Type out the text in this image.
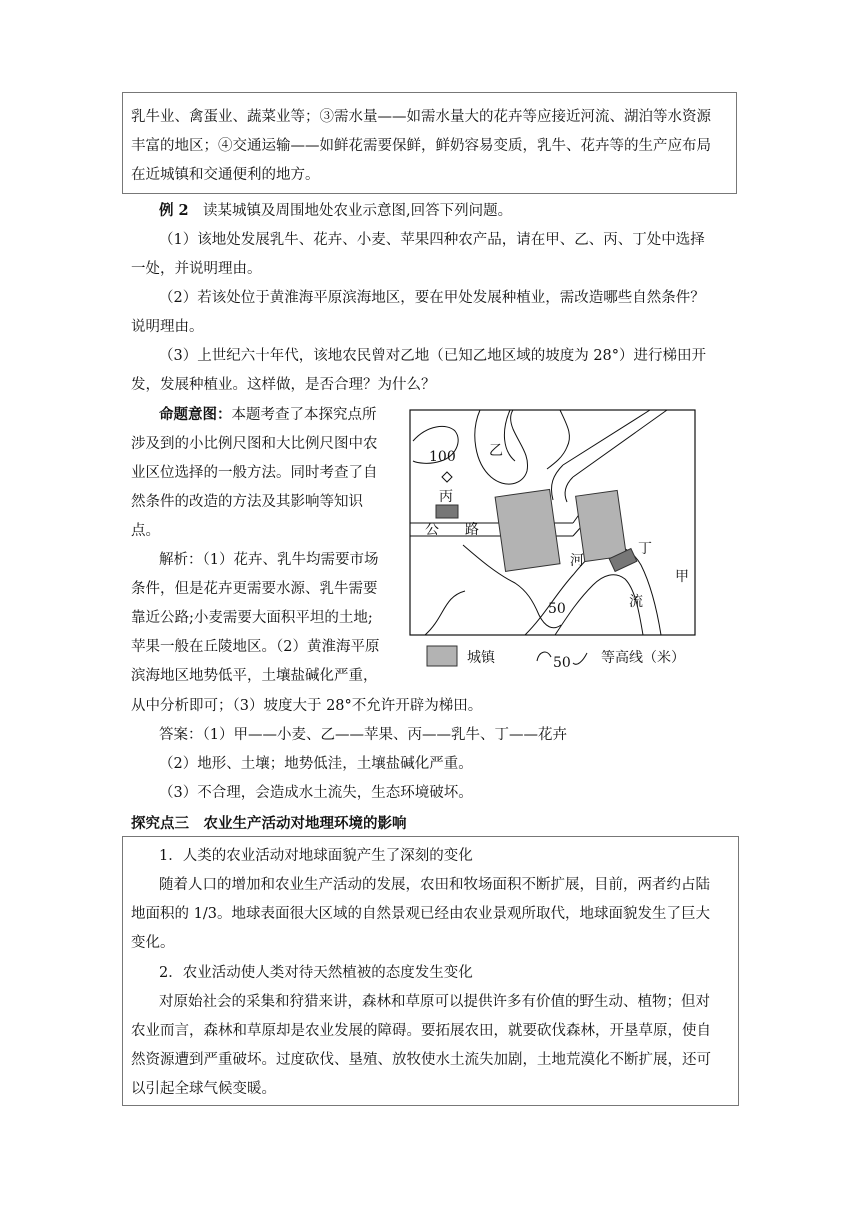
乳牛业、禽蛋业、蔬菜业等；③需水量——如需水量大的花卉等应接近河流、湖泊等水资源
丰富的地区；④交通运输——如鲜花需要保鲜，鲜奶容易变质，乳牛、花卉等的生产应布局
在近城镇和交通便利的地方。
例 2 读某城镇及周围地处农业示意图,回答下列问题。
（1）该地处发展乳牛、花卉、小麦、苹果四种农产品，请在甲、乙、丙、丁处中选择
一处，并说明理由。
（2）若该处位于黄淮海平原滨海地区，要在甲处发展种植业，需改造哪些自然条件？
说明理由。
（3）上世纪六十年代，该地农民曾对乙地（已知乙地区域的坡度为 28°）进行梯田开
发，发展种植业。这样做，是否合理？为什么？
命题意图：本题考查了本探究点所
涉及到的小比例尺图和大比例尺图中农
业区位选择的一般方法。同时考查了自
然条件的改造的方法及其影响等知识
点。
解析：（1）花卉、乳牛均需要市场
条件，但是花卉更需要水源、乳牛需要
靠近公路;小麦需要大面积平坦的土地;
苹果一般在丘陵地区。（2）黄淮海平原
滨海地区地势低平，土壤盐碱化严重，
从中分析即可；（3）坡度大于 28°不允许开辟为梯田。
100 乙
丙
公 路
河
流
丁
甲
50
城镇	50 等高线（米）
答案：（1）甲——小麦、乙——苹果、丙——乳牛、丁——花卉
（2）地形、土壤；地势低洼，土壤盐碱化严重。
（3）不合理，会造成水土流失，生态环境破坏。
探究点三　农业生产活动对地理环境的影响
1．人类的农业活动对地球面貌产生了深刻的变化
随着人口的增加和农业生产活动的发展，农田和牧场面积不断扩展，目前，两者约占陆
地面积的 1/3。地球表面很大区域的自然景观已经由农业景观所取代，地球面貌发生了巨大
变化。
2．农业活动使人类对待天然植被的态度发生变化
对原始社会的采集和狩猎来讲，森林和草原可以提供许多有价值的野生动、植物；但对
农业而言，森林和草原却是农业发展的障碍。要拓展农田，就要砍伐森林，开垦草原，使自
然资源遭到严重破坏。过度砍伐、垦殖、放牧使水土流失加剧，土地荒漠化不断扩展，还可
以引起全球气候变暖。
